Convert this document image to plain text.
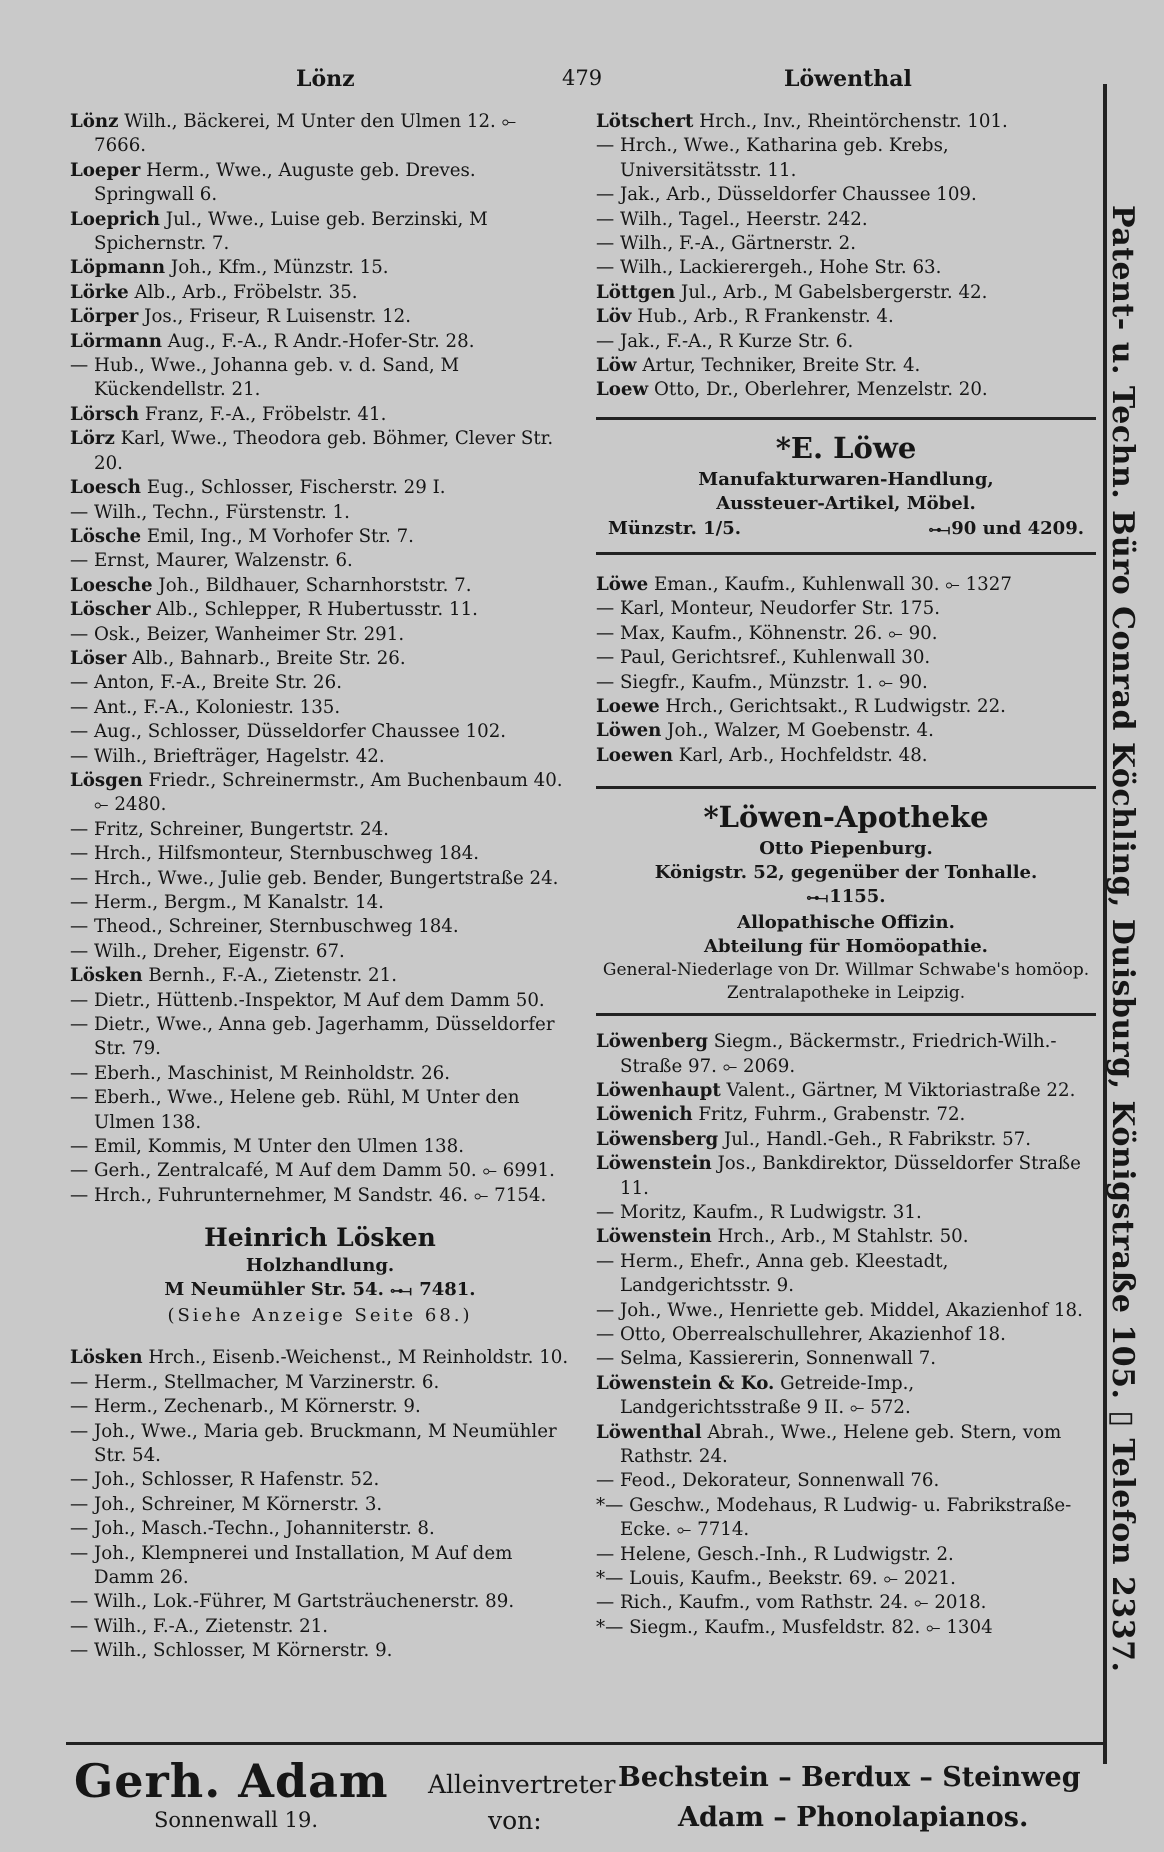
Lönz	479	Löwenthal

Lönz Wilh., Bäckerei, M Unter den Ulmen 12. ⟜ 7666.

Loeper Herm., Wwe., Auguste geb. Dreves. Springwall 6.

Loeprich Jul., Wwe., Luise geb. Berzinski, M Spichernstr. 7.

Löpmann Joh., Kfm., Münzstr. 15.

Lörke Alb., Arb., Fröbelstr. 35.

Lörper Jos., Friseur, R Luisenstr. 12.

Lörmann Aug., F.-A., R Andr.-Hofer-Str. 28.

— Hub., Wwe., Johanna geb. v. d. Sand, M Kückendellstr. 21.

Lörsch Franz, F.-A., Fröbelstr. 41.

Lörz Karl, Wwe., Theodora geb. Böhmer, Clever Str. 20.

Loesch Eug., Schlosser, Fischerstr. 29 I.

— Wilh., Techn., Fürstenstr. 1.

Lösche Emil, Ing., M Vorhofer Str. 7.

— Ernst, Maurer, Walzenstr. 6.

Loesche Joh., Bildhauer, Scharnhorststr. 7.

Löscher Alb., Schlepper, R Hubertusstr. 11.

— Osk., Beizer, Wanheimer Str. 291.

Löser Alb., Bahnarb., Breite Str. 26.

— Anton, F.-A., Breite Str. 26.

— Ant., F.-A., Koloniestr. 135.

— Aug., Schlosser, Düsseldorfer Chaussee 102.

— Wilh., Briefträger, Hagelstr. 42.

Lösgen Friedr., Schreinermstr., Am Buchenbaum 40. ⟜ 2480.

— Fritz, Schreiner, Bungertstr. 24.

— Hrch., Hilfsmonteur, Sternbuschweg 184.

— Hrch., Wwe., Julie geb. Bender, Bungertstraße 24.

— Herm., Bergm., M Kanalstr. 14.

— Theod., Schreiner, Sternbuschweg 184.

— Wilh., Dreher, Eigenstr. 67.

Lösken Bernh., F.-A., Zietenstr. 21.

— Dietr., Hüttenb.-Inspektor, M Auf dem Damm 50.

— Dietr., Wwe., Anna geb. Jagerhamm, Düsseldorfer Str. 79.

— Eberh., Maschinist, M Reinholdstr. 26.

— Eberh., Wwe., Helene geb. Rühl, M Unter den Ulmen 138.

— Emil, Kommis, M Unter den Ulmen 138.

— Gerh., Zentralcafé, M Auf dem Damm 50. ⟜ 6991.

— Hrch., Fuhrunternehmer, M Sandstr. 46. ⟜ 7154.

Heinrich Lösken
Holzhandlung.
M Neumühler Str. 54. ⊶⟞ 7481.
(Siehe Anzeige Seite 68.)

Lösken Hrch., Eisenb.-Weichenst., M Reinholdstr. 10.

— Herm., Stellmacher, M Varzinerstr. 6.

— Herm., Zechenarb., M Körnerstr. 9.

— Joh., Wwe., Maria geb. Bruckmann, M Neumühler Str. 54.

— Joh., Schlosser, R Hafenstr. 52.

— Joh., Schreiner, M Körnerstr. 3.

— Joh., Masch.-Techn., Johanniterstr. 8.

— Joh., Klempnerei und Installation, M Auf dem Damm 26.

— Wilh., Lok.-Führer, M Gartsträuchenerstr. 89.

— Wilh., F.-A., Zietenstr. 21.

— Wilh., Schlosser, M Körnerstr. 9.

Lötschert Hrch., Inv., Rheintörchenstr. 101.

— Hrch., Wwe., Katharina geb. Krebs, Universitätsstr. 11.

— Jak., Arb., Düsseldorfer Chaussee 109.

— Wilh., Tagel., Heerstr. 242.

— Wilh., F.-A., Gärtnerstr. 2.

— Wilh., Lackierergeh., Hohe Str. 63.

Löttgen Jul., Arb., M Gabelsbergerstr. 42.

Löv Hub., Arb., R Frankenstr. 4.

— Jak., F.-A., R Kurze Str. 6.

Löw Artur, Techniker, Breite Str. 4.

Loew Otto, Dr., Oberlehrer, Menzelstr. 20.

*E. Löwe
Manufakturwaren-Handlung,
Aussteuer-Artikel, Möbel.
Münzstr. 1/5.	⊶⟞ 90 und 4209.

Löwe Eman., Kaufm., Kuhlenwall 30. ⟜ 1327

— Karl, Monteur, Neudorfer Str. 175.

— Max, Kaufm., Köhnenstr. 26. ⟜ 90.

— Paul, Gerichtsref., Kuhlenwall 30.

— Siegfr., Kaufm., Münzstr. 1. ⟜ 90.

Loewe Hrch., Gerichtsakt., R Ludwigstr. 22.

Löwen Joh., Walzer, M Goebenstr. 4.

Loewen Karl, Arb., Hochfeldstr. 48.

*Löwen-Apotheke
Otto Piepenburg.
Königstr. 52, gegenüber der Tonhalle.
⊶⟞ 1155.
Allopathische Offizin.
Abteilung für Homöopathie.

General-Niederlage von Dr. Willmar Schwabe's homöop. Zentralapotheke in Leipzig.

Löwenberg Siegm., Bäckermstr., Friedrich-Wilh.-Straße 97. ⟜ 2069.

Löwenhaupt Valent., Gärtner, M Viktoriastraße 22.

Löwenich Fritz, Fuhrm., Grabenstr. 72.

Löwensberg Jul., Handl.-Geh., R Fabrikstr. 57.

Löwenstein Jos., Bankdirektor, Düsseldorfer Straße 11.

— Moritz, Kaufm., R Ludwigstr. 31.

Löwenstein Hrch., Arb., M Stahlstr. 50.

— Herm., Ehefr., Anna geb. Kleestadt, Landgerichtsstr. 9.

— Joh., Wwe., Henriette geb. Middel, Akazienhof 18.

— Otto, Oberrealschullehrer, Akazienhof 18.

— Selma, Kassiererin, Sonnenwall 7.

Löwenstein & Ko. Getreide-Imp., Landgerichtsstraße 9 II. ⟜ 572.

Löwenthal Abrah., Wwe., Helene geb. Stern, vom Rathstr. 24.

— Feod., Dekorateur, Sonnenwall 76.

*— Geschw., Modehaus, R Ludwig- u. Fabrikstraße-Ecke. ⟜ 7714.

— Helene, Gesch.-Inh., R Ludwigstr. 2.

*— Louis, Kaufm., Beekstr. 69. ⟜ 2021.

— Rich., Kaufm., vom Rathstr. 24. ⟜ 2018.

*— Siegm., Kaufm., Musfeldstr. 82. ⟜ 1304	Patent- u. Techn. Büro Conrad Köchling, Duisburg, Königstraße 105. ▯ Telefon 2337.
Gerh. Adam
Sonnenwall 19.
Alleinvertreter
von:
Bechstein – Berdux – Steinweg
Adam – Phonolapianos.
